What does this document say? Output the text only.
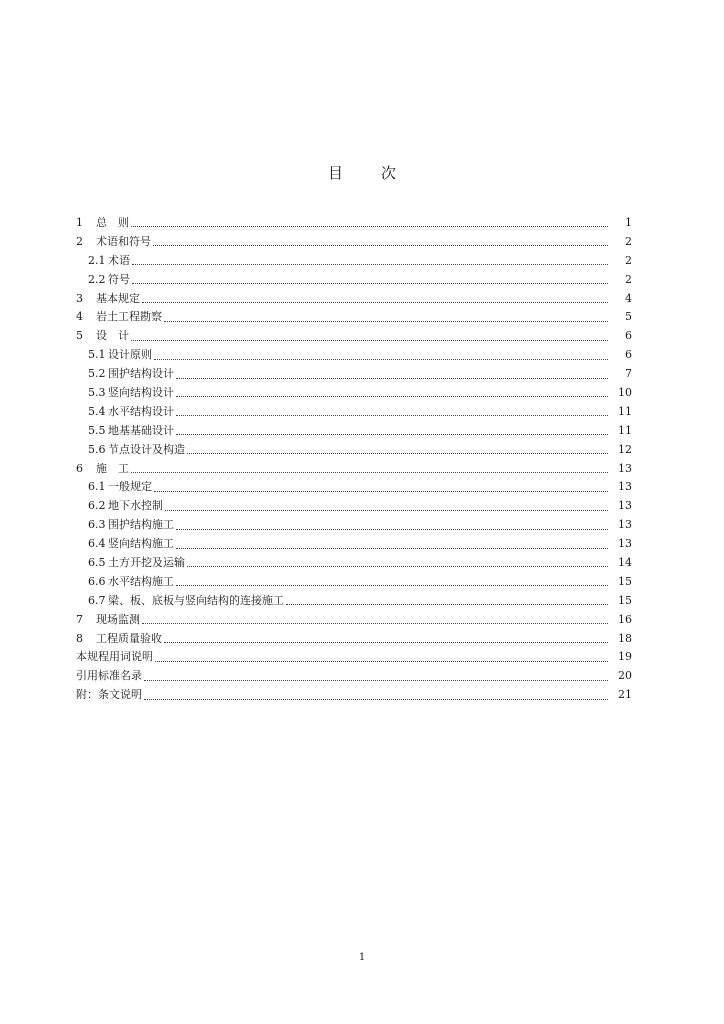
目	次
1	总　则	1
2	术语和符号	2
2.1 术语	2
2.2 符号	2
3	基本规定	4
4	岩土工程勘察	5
5	设　计	6
5.1 设计原则	6
5.2 围护结构设计	7
5.3 竖向结构设计	10
5.4 水平结构设计	11
5.5 地基基础设计	11
5.6 节点设计及构造	12
6	施　工	13
6.1 一般规定	13
6.2 地下水控制	13
6.3 围护结构施工	13
6.4 竖向结构施工	13
6.5 土方开挖及运输	14
6.6 水平结构施工	15
6.7 梁、板、底板与竖向结构的连接施工	15
7	现场监测	16
8	工程质量验收	18
本规程用词说明	19
引用标准名录	20
附：条文说明	21
1
